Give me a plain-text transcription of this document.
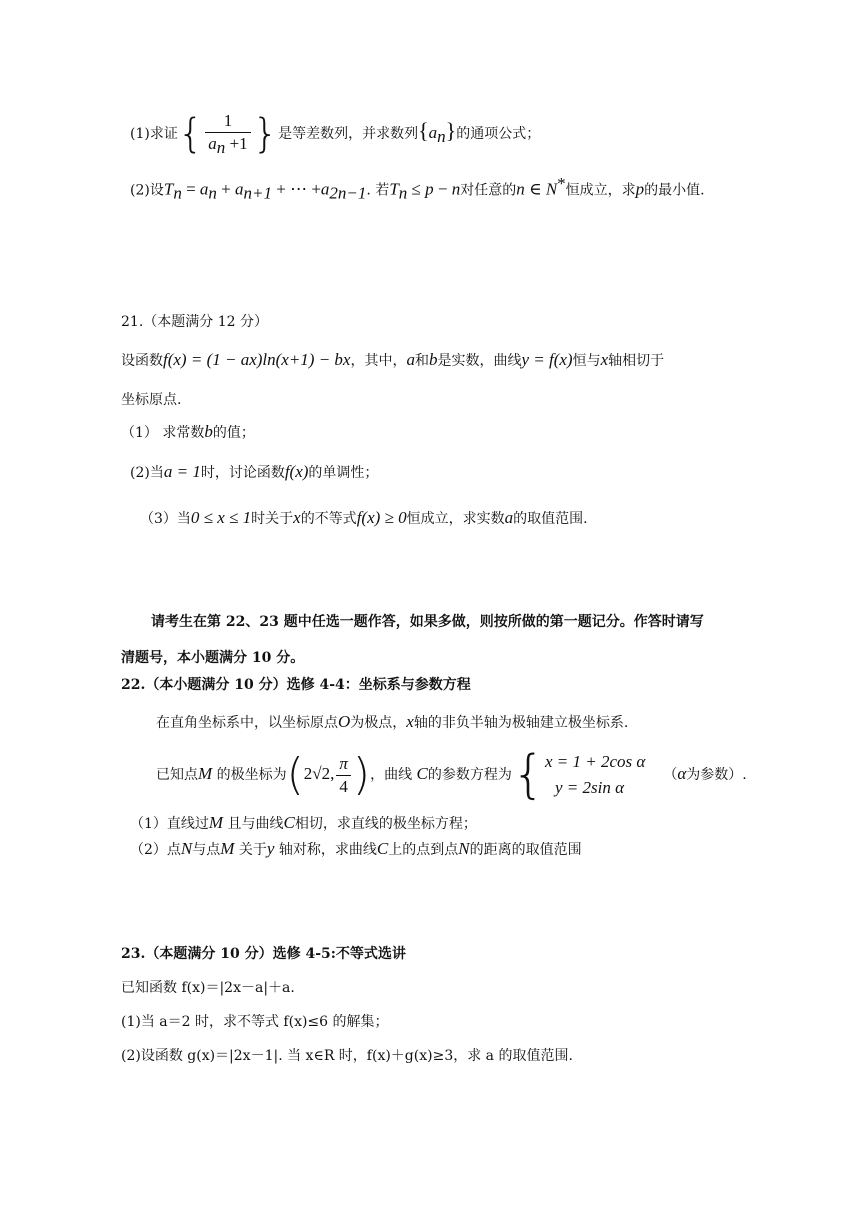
(1)求证{ $\frac{1}{a_n +1}$ }是等差数列，并求数列$\{a_n\}$的通项公式；
(2)设$T_n = a_n + a_{n+1}$ + ⋯ $+a_{2n-1}$. 若$T_n \le p - n$对任意的n ∈ N*恒成立，求p的最小值.
21.（本题满分 12 分）
设函数f(x) = (1 − ax)ln(x+1) − bx，其中，a和b是实数，曲线y = f(x)恒与x轴相切于
坐标原点.
（1） 求常数b的值；
(2)当a = 1时，讨论函数f(x)的单调性；
（3）当0 ≤ x ≤ 1时关于x的不等式f(x) ≥ 0恒成立，求实数a的取值范围.
请考生在第 22、23 题中任选一题作答，如果多做，则按所做的第一题记分。作答时请写
清题号，本小题满分 10 分。
22.（本小题满分 10 分）选修 4-4：坐标系与参数方程
在直角坐标系中，以坐标原点O为极点，x轴的非负半轴为极轴建立极坐标系.
已知点M 的极坐标为(2√2, $\frac{\pi}{4}$ )，曲线 C的参数方程为{ x = 1 + 2cos α
y = 2sin α
（α为参数）.
（1）直线过M 且与曲线C相切，求直线的极坐标方程；
（2）点N与点M 关于y 轴对称，求曲线C上的点到点N的距离的取值范围
23.（本题满分 10 分）选修 4-5:不等式选讲
已知函数 f(x)＝|2x－a|＋a.
(1)当 a＝2 时，求不等式 f(x)≤6 的解集；
(2)设函数 g(x)＝|2x－1|. 当 x∈R 时，f(x)＋g(x)≥3，求 a 的取值范围.
